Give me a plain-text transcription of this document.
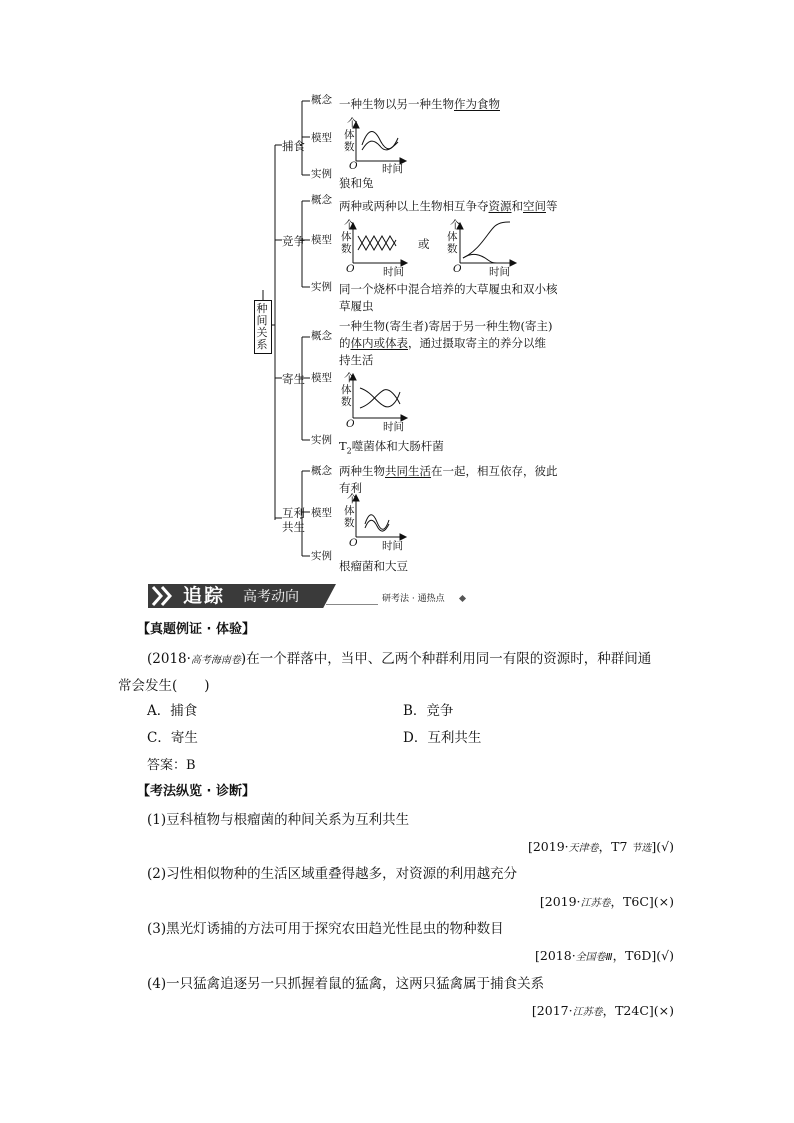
种间关系
捕食
概念 一种生物以另一种生物作为食物
模型
个
体
数
O 时间
实例
狼和兔
竞争
概念 两种或两种以上生物相互争夺资源和空间等
模型
个
体
数
O	时间
或
个
体
数
O	时间
实例 同一个烧杯中混合培养的大草履虫和双小核
草履虫
寄生
概念
一种生物(寄生者)寄居于另一种生物(寄主)
的体内或体表，通过摄取寄主的养分以维
持生活
模型 个
体
数
O	时间
实例 $T_2$噬菌体和大肠杆菌
互利
共生
概念 两种生物共同生活在一起，相互依存，彼此
有利
模型
个
体
数
O 时间
实例
根瘤菌和大豆
追踪 高考动向	研考法 · 通热点
【真题例证 · 体验】
(2018·高考海南卷)在一个群落中，当甲、乙两个种群利用同一有限的资源时，种群间通
常会发生(　　)
A．捕食	B．竞争
C．寄生	D．互利共生
答案：B
【考法纵览 · 诊断】
(1)豆科植物与根瘤菌的种间关系为互利共生
[2019·天津卷，T7 节选](√)
(2)习性相似物种的生活区域重叠得越多，对资源的利用越充分
[2019·江苏卷，T6C](×)
(3)黑光灯诱捕的方法可用于探究农田趋光性昆虫的物种数目
[2018·全国卷Ⅲ，T6D](√)
(4)一只猛禽追逐另一只抓握着鼠的猛禽，这两只猛禽属于捕食关系
[2017·江苏卷，T24C](×)
